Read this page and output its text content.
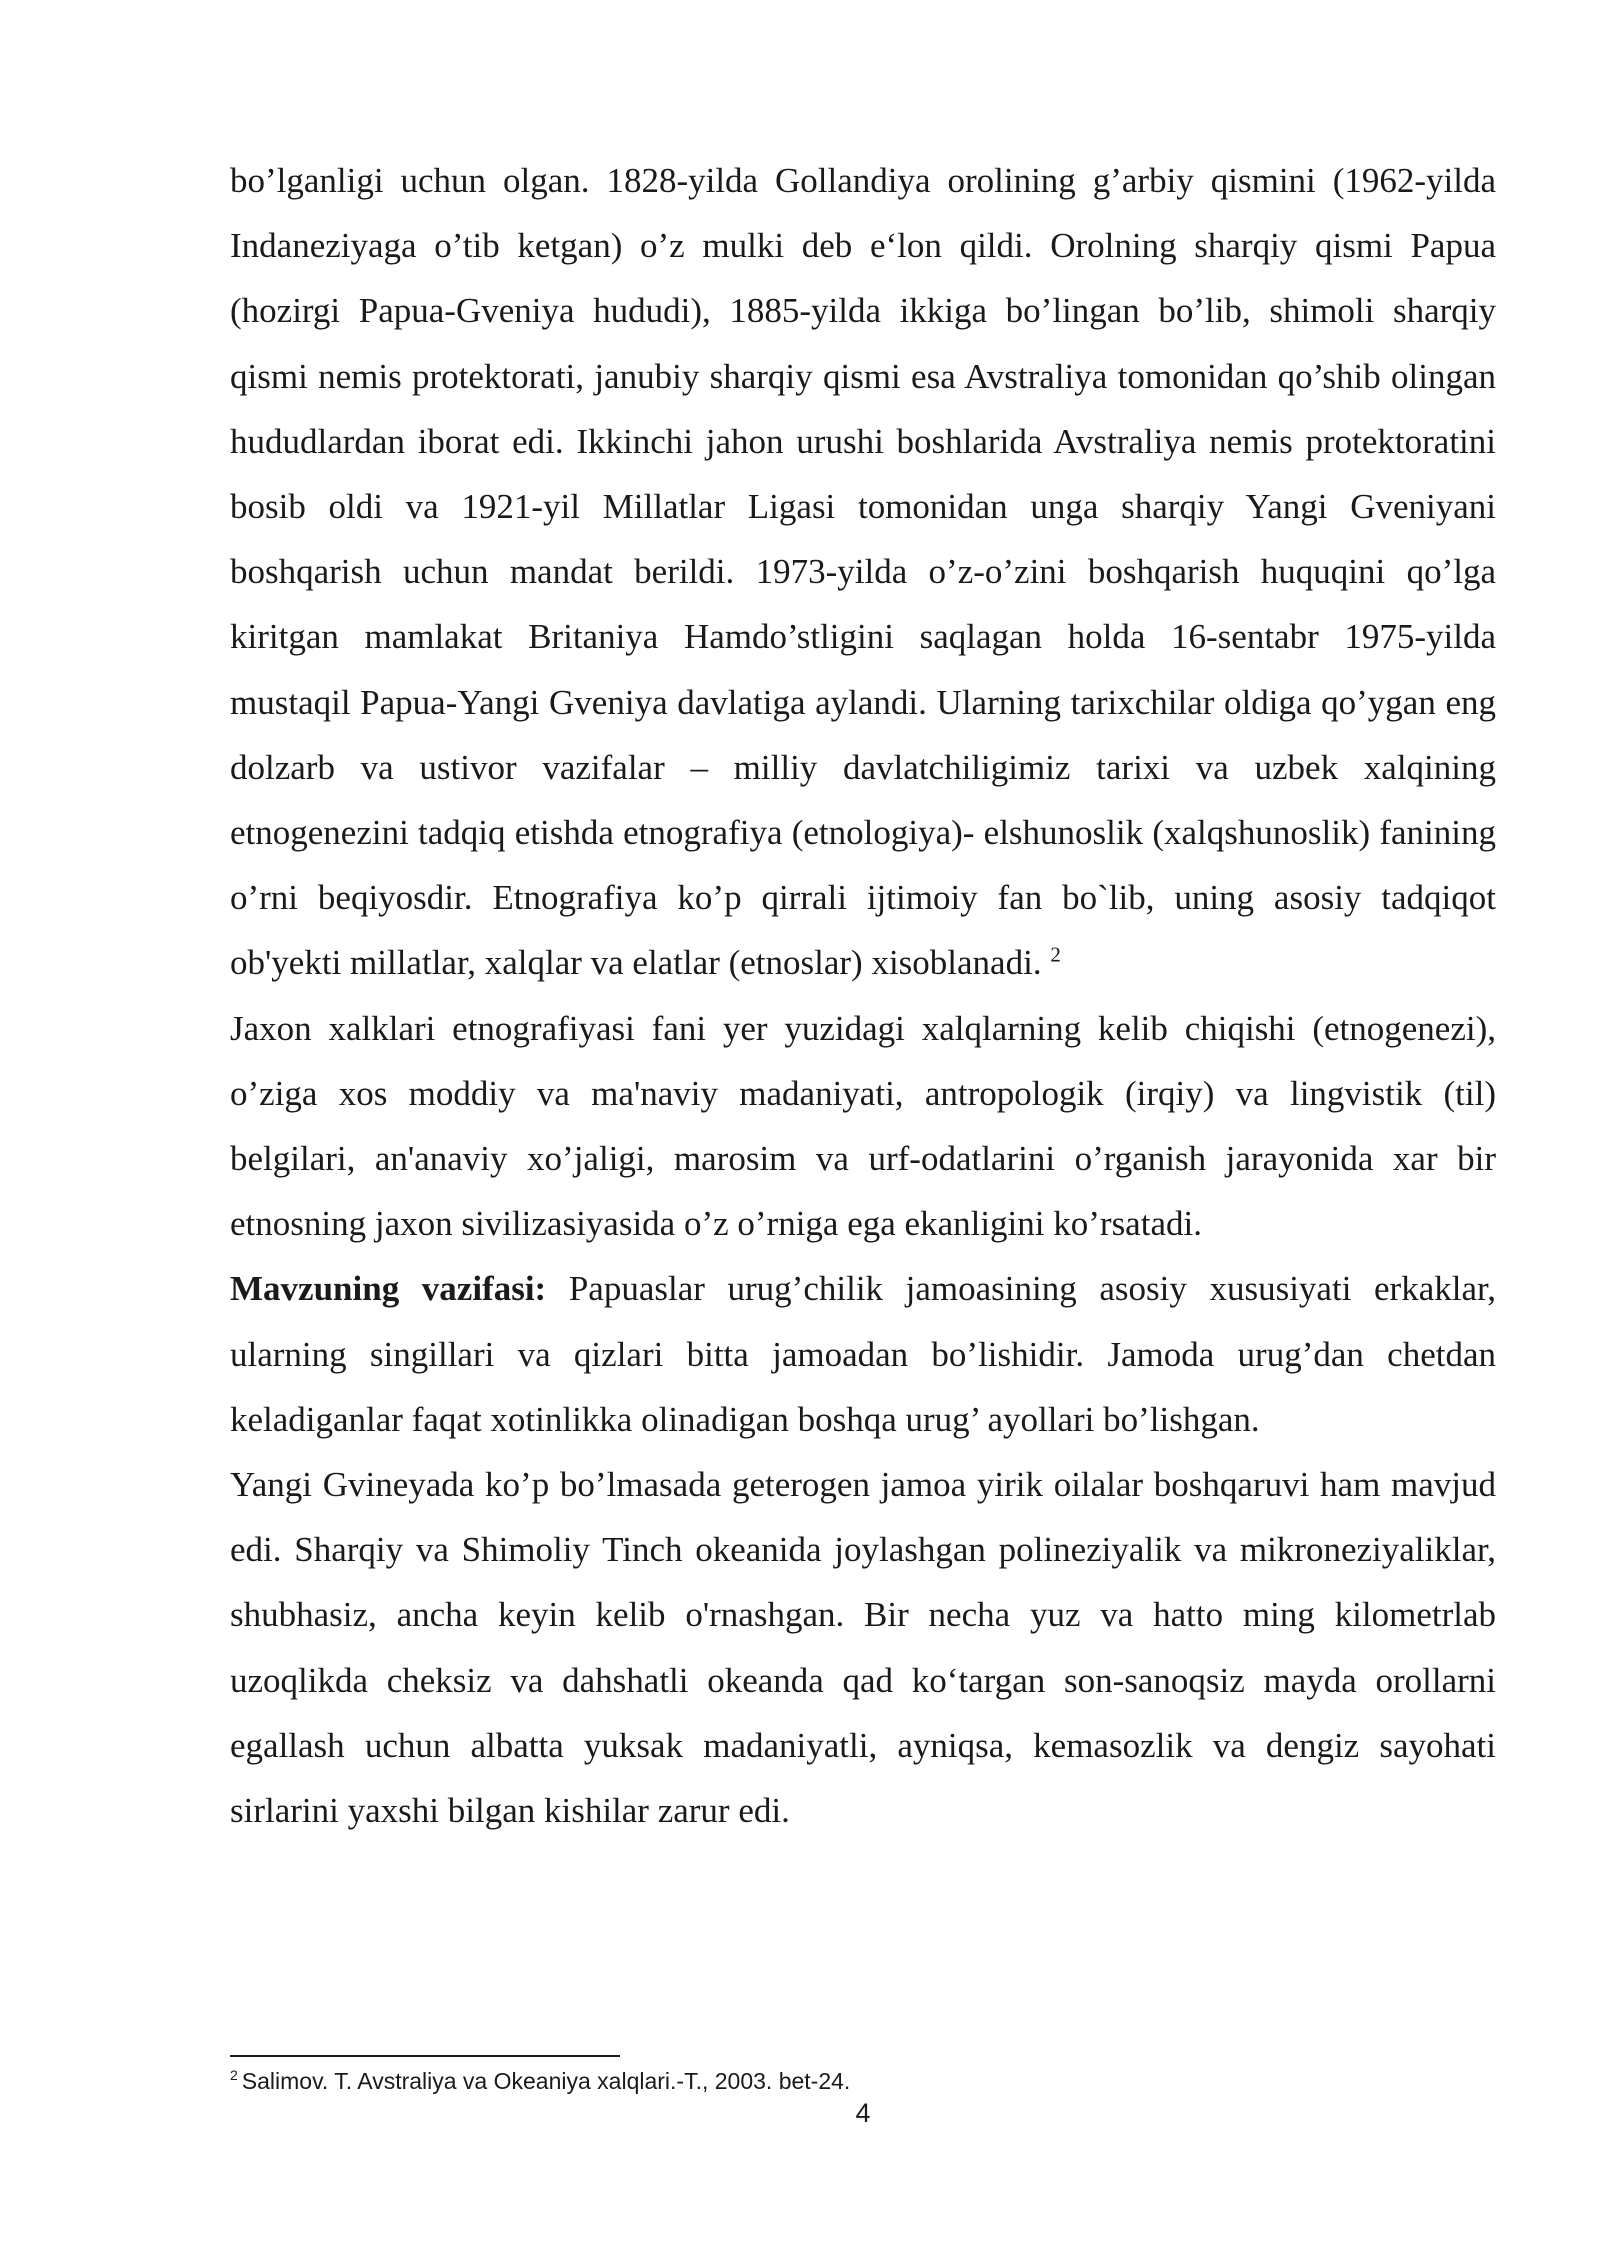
bo’lganligi uchun olgan. 1828-yilda Gollandiya orolining g’arbiy qismini (1962-yilda Indaneziyaga o’tib ketgan) o’z mulki deb e‘lon qildi. Orolning sharqiy qismi Papua (hozirgi Papua-Gveniya hududi), 1885-yilda ikkiga bo’lingan bo’lib, shimoli sharqiy qismi nemis protektorati, janubiy sharqiy qismi esa Avstraliya tomonidan qo’shib olingan hududlardan iborat edi. Ikkinchi jahon urushi boshlarida Avstraliya nemis protektoratini bosib oldi va 1921-yil Millatlar Ligasi tomonidan unga sharqiy Yangi Gveniyani boshqarish uchun mandat berildi. 1973-yilda o’z-o’zini boshqarish huquqini qo’lga kiritgan mamlakat Britaniya Hamdo’stligini saqlagan holda 16-sentabr 1975-yilda mustaqil Papua-Yangi Gveniya davlatiga aylandi. Ularning tarixchilar oldiga qo’ygan eng dolzarb va ustivor vazifalar – milliy davlatchiligimiz tarixi va uzbek xalqining etnogenezini tadqiq etishda etnografiya (etnologiya)- elshunoslik (xalqshunoslik) fanining o’rni beqiyosdir. Etnografiya ko’p qirrali ijtimoiy fan bo`lib, uning asosiy tadqiqot ob'yekti millatlar, xalqlar va elatlar (etnoslar) xisoblanadi. $^2$

Jaxon xalklari etnografiyasi fani yer yuzidagi xalqlarning kelib chiqishi (etnogenezi), o’ziga xos moddiy va ma'naviy madaniyati, antropologik (irqiy) va lingvistik (til) belgilari, an'anaviy xo’jaligi, marosim va urf-odatlarini o’rganish jarayonida xar bir etnosning jaxon sivilizasiyasida o’z o’rniga ega ekanligini ko’rsatadi.

Mavzuning vazifasi: Papuaslar urug’chilik jamoasining asosiy xususiyati erkaklar, ularning singillari va qizlari bitta jamoadan bo’lishidir. Jamoda urug’dan chetdan keladiganlar faqat xotinlikka olinadigan boshqa urug’ ayollari bo’lishgan.

Yangi Gvineyada ko’p bo’lmasada geterogen jamoa yirik oilalar boshqaruvi ham mavjud edi. Sharqiy va Shimoliy Tinch okeanida joylashgan polineziyalik va mikroneziyaliklar, shubhasiz, ancha keyin kelib o'rnashgan. Bir necha yuz va hatto ming kilometrlab uzoqlikda cheksiz va dahshatli okeanda qad ko‘targan son-sanoqsiz mayda orollarni egallash uchun albatta yuksak madaniyatli, ayniqsa, kemasozlik va dengiz sayohati sirlarini yaxshi bilgan kishilar zarur edi.

$^2$ Salimov. T. Avstraliya va Okeaniya xalqlari.-T., 2003. bet-24.
4
